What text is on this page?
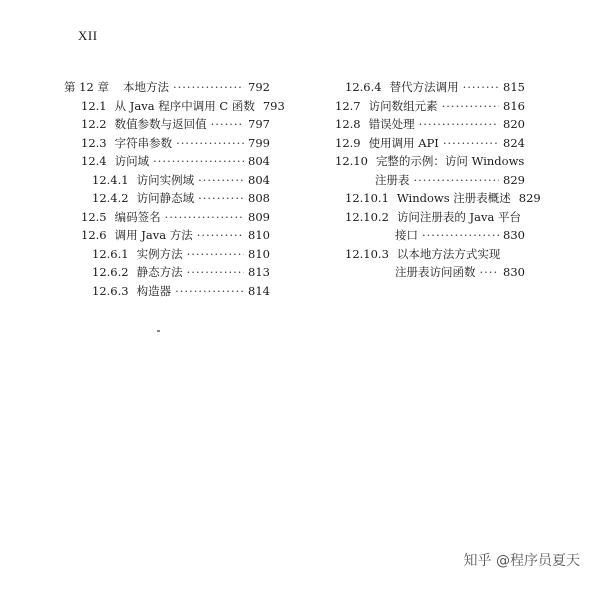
XII
第 12 章 本地方法 ·····	792
12.1 从 Java 程序中调用 C 函数 793
12.2 数值参数与返回值 ·····	797
12.3 字符串参数 ·····	799
12.4 访问域 ·····	804
12.4.1 访问实例域 ·····	804
12.4.2 访问静态域 ·····	808
12.5 编码签名 ·····	809
12.6 调用 Java 方法 ·····	810
12.6.1 实例方法 ·····	810
12.6.2 静态方法 ·····	813
12.6.3 构造器 ·····	814
12.6.4 替代方法调用 ·····	815
12.7 访问数组元素 ·····	816
12.8 错误处理 ·····	820
12.9 使用调用 API ·····	824
12.10 完整的示例：访问 Windows
注册表 ·····	829
12.10.1 Windows 注册表概述 829
12.10.2 访问注册表的 Java 平台
接口 ·····	830
12.10.3 以本地方法方式实现
注册表访问函数 ····· 830
知乎 @程序员夏天
